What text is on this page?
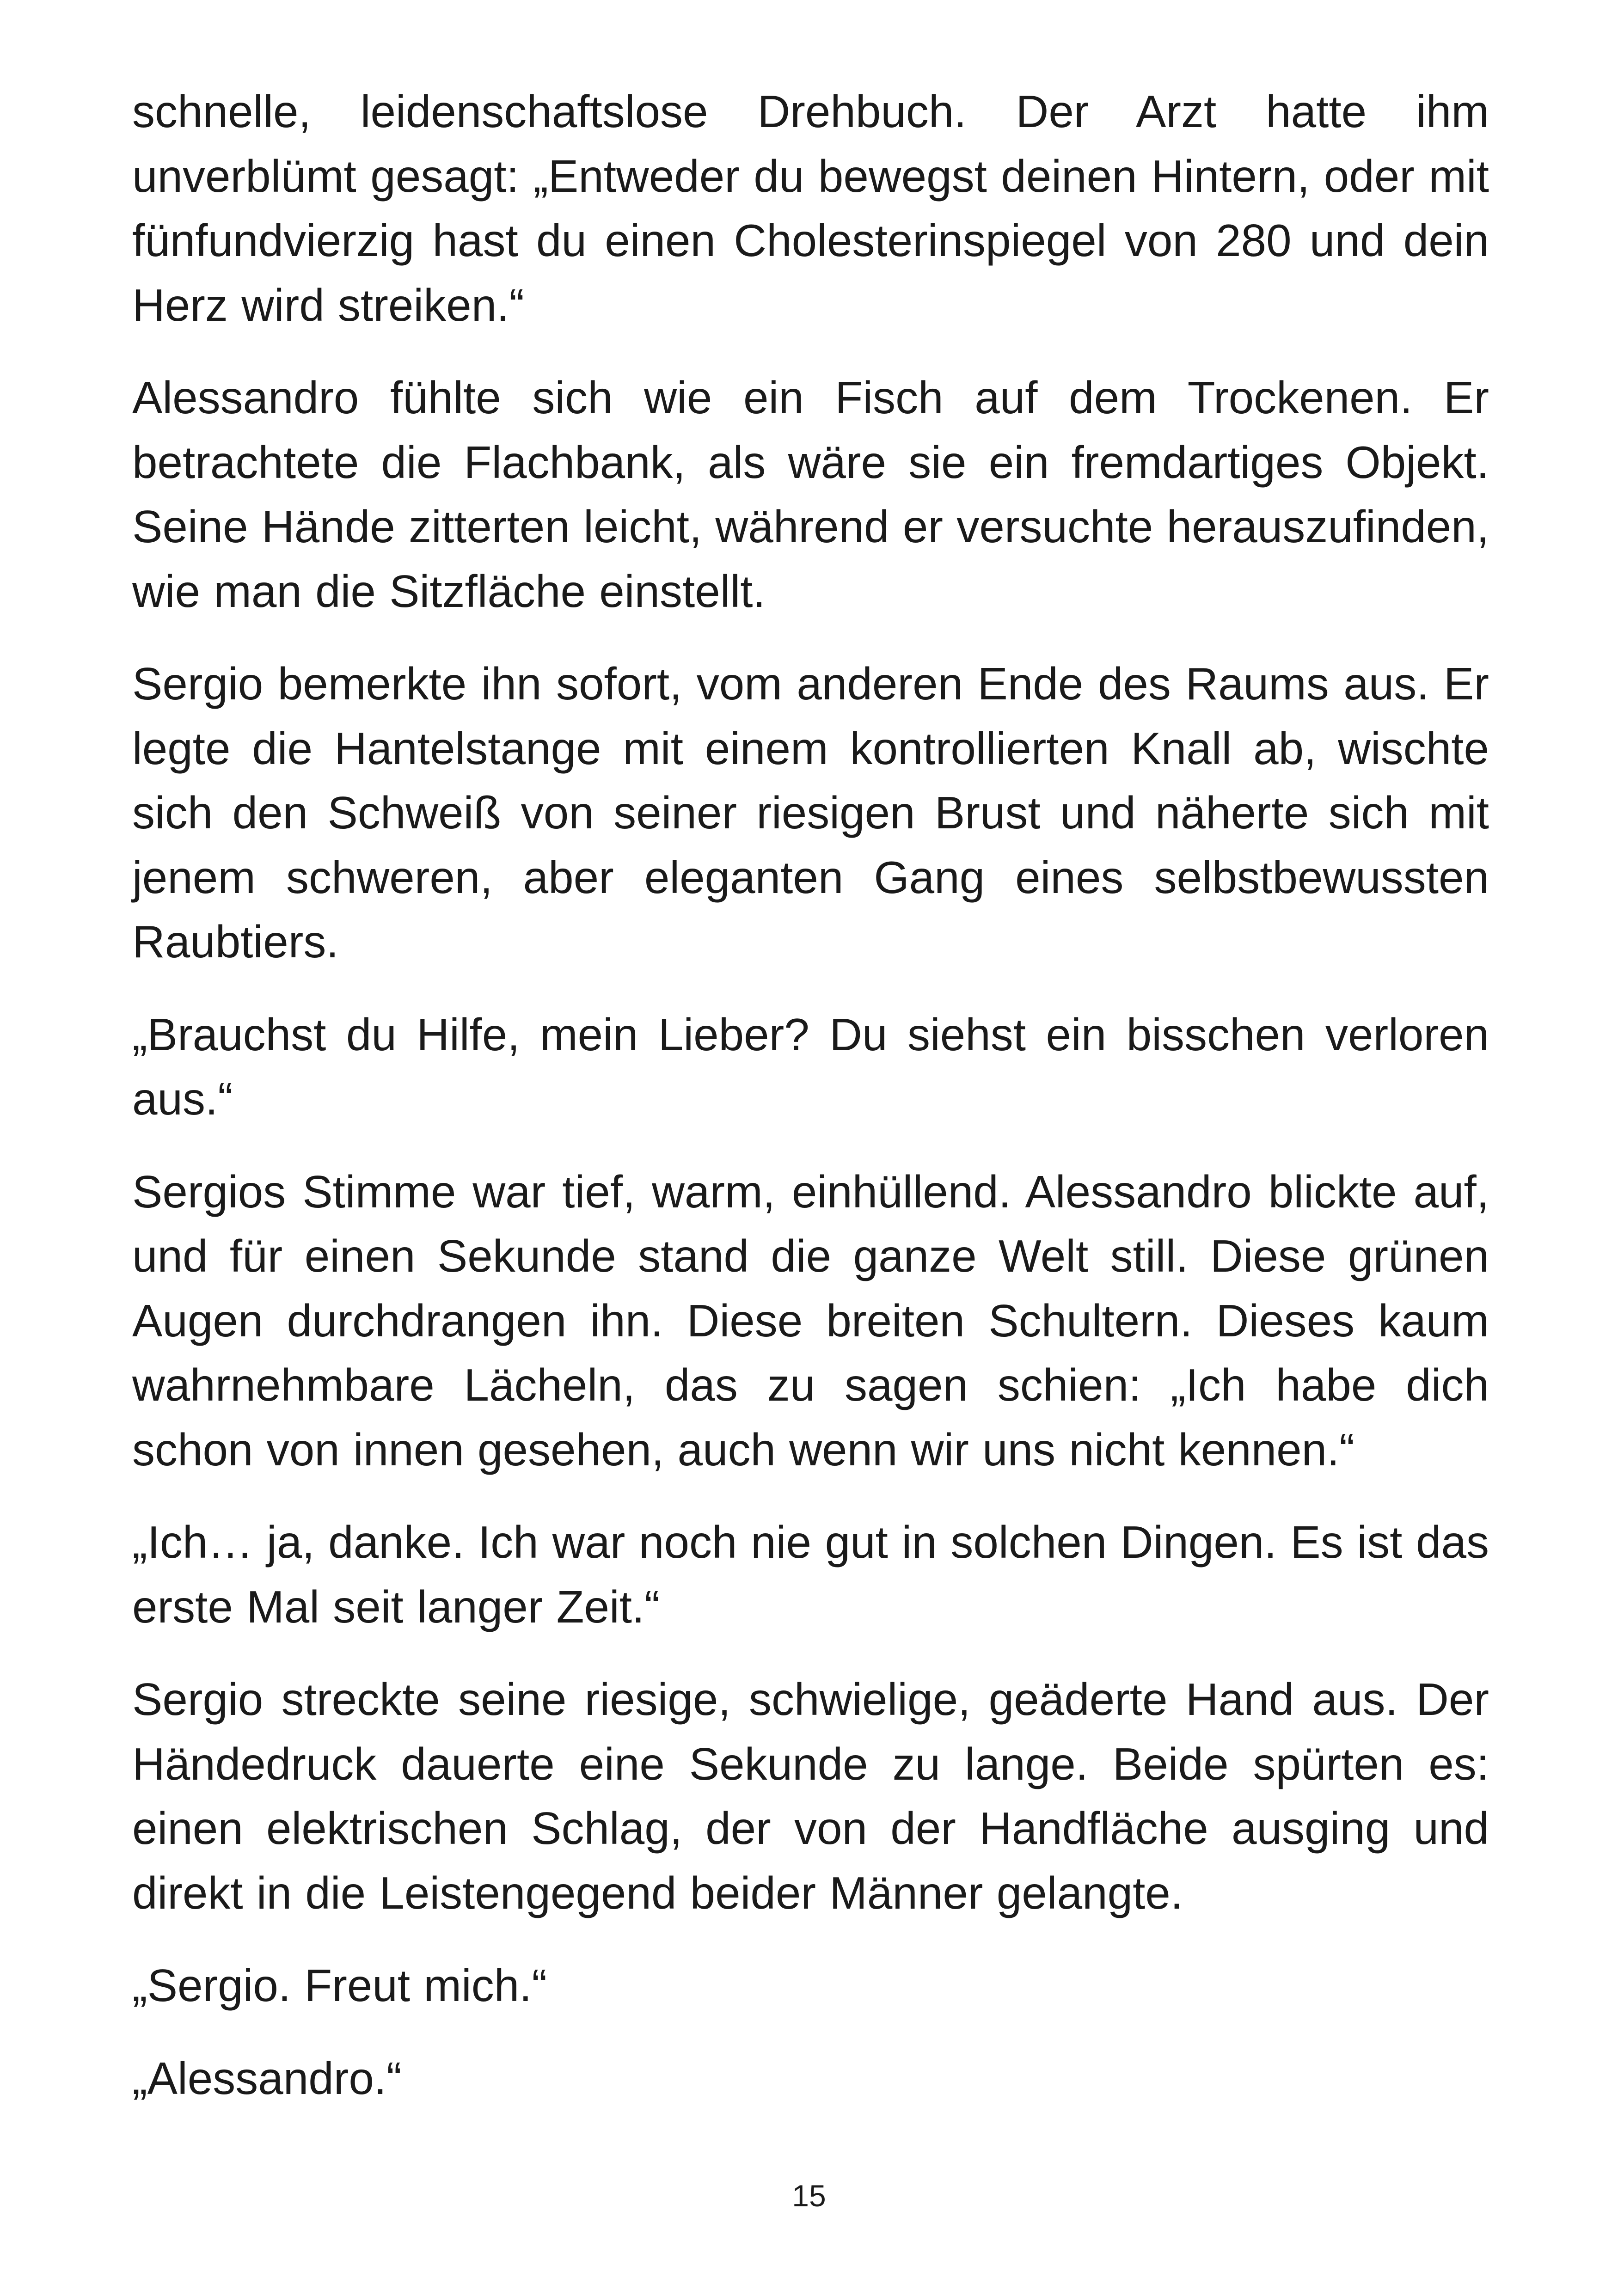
schnelle, leidenschaftslose Drehbuch. Der Arzt hatte ihm unverblümt gesagt: „Entweder du bewegst deinen Hintern, oder mit fünfundvierzig hast du einen Cholesterinspiegel von 280 und dein Herz wird streiken.“

Alessandro fühlte sich wie ein Fisch auf dem Trockenen. Er betrachtete die Flachbank, als wäre sie ein fremdartiges Objekt. Seine Hände zitterten leicht, während er versuchte herauszufinden, wie man die Sitzfläche einstellt.

Sergio bemerkte ihn sofort, vom anderen Ende des Raums aus. Er legte die Hantelstange mit einem kontrollierten Knall ab, wischte sich den Schweiß von seiner riesigen Brust und näherte sich mit jenem schweren, aber eleganten Gang eines selbstbewussten Raubtiers.

„Brauchst du Hilfe, mein Lieber? Du siehst ein bisschen verloren aus.“

Sergios Stimme war tief, warm, einhüllend. Alessandro blickte auf, und für einen Sekunde stand die ganze Welt still. Diese grünen Augen durchdrangen ihn. Diese breiten Schultern. Dieses kaum wahrnehmbare Lächeln, das zu sagen schien: „Ich habe dich schon von innen gesehen, auch wenn wir uns nicht kennen.“

„Ich… ja, danke. Ich war noch nie gut in solchen Dingen. Es ist das erste Mal seit langer Zeit.“

Sergio streckte seine riesige, schwielige, geäderte Hand aus. Der Händedruck dauerte eine Sekunde zu lange. Beide spürten es: einen elektrischen Schlag, der von der Handfläche ausging und direkt in die Leistengegend beider Männer gelangte.

„Sergio. Freut mich.“

„Alessandro.“

15
